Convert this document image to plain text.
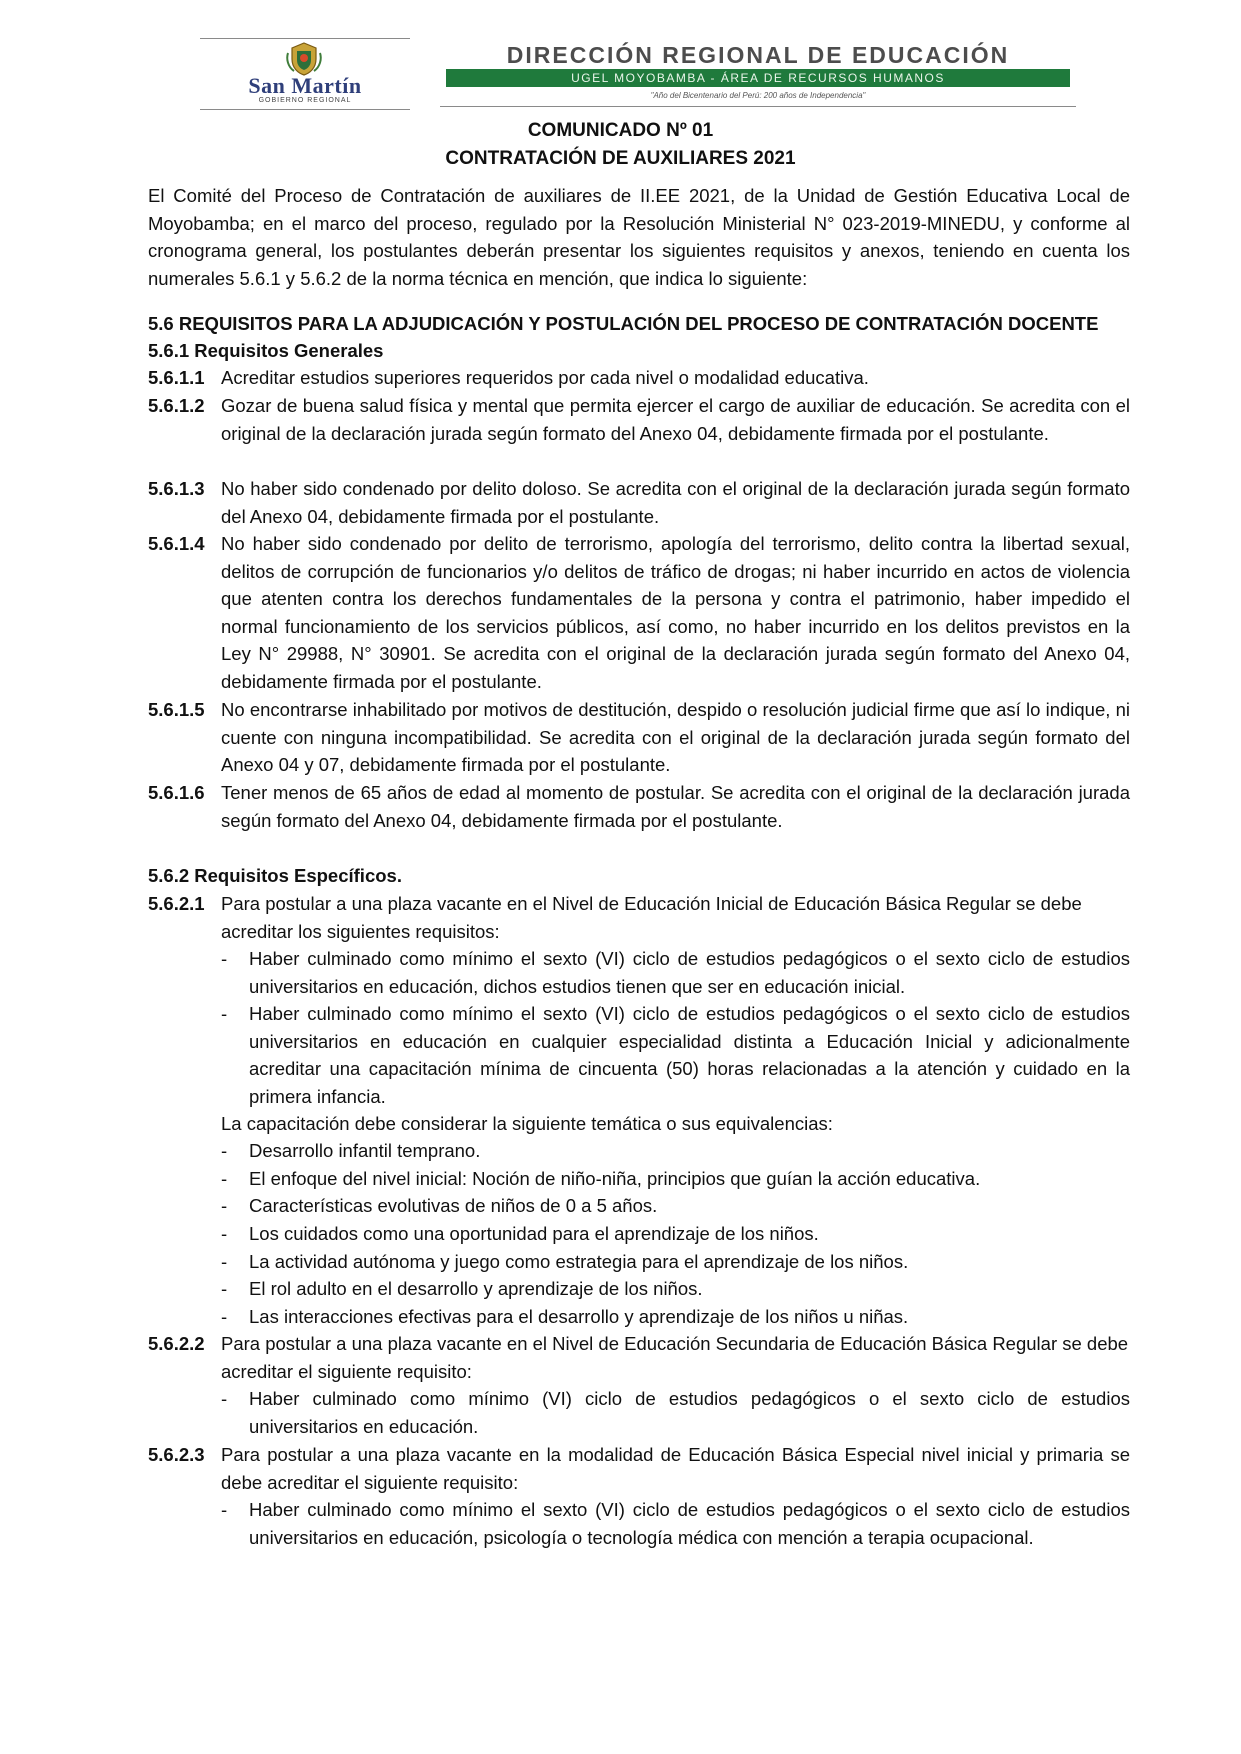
San Martín
GOBIERNO REGIONAL
DIRECCIÓN REGIONAL DE EDUCACIÓN
UGEL MOYOBAMBA - ÁREA DE RECURSOS HUMANOS
"Año del Bicentenario del Perú: 200 años de Independencia"
COMUNICADO Nº 01
CONTRATACIÓN DE AUXILIARES 2021
El Comité del Proceso de Contratación de auxiliares de II.EE 2021, de la Unidad de Gestión Educativa Local de Moyobamba; en el marco del proceso, regulado por la Resolución Ministerial N° 023-2019-MINEDU, y conforme al cronograma general, los postulantes deberán presentar los siguientes requisitos y anexos, teniendo en cuenta los numerales 5.6.1 y 5.6.2 de la norma técnica en mención, que indica lo siguiente:
5.6 REQUISITOS PARA LA ADJUDICACIÓN Y POSTULACIÓN DEL PROCESO DE CONTRATACIÓN DOCENTE
5.6.1 Requisitos Generales
5.6.1.1 Acreditar estudios superiores requeridos por cada nivel o modalidad educativa.
5.6.1.2 Gozar de buena salud física y mental que permita ejercer el cargo de auxiliar de educación. Se acredita con el original de la declaración jurada según formato del Anexo 04, debidamente firmada por el postulante.
5.6.1.3 No haber sido condenado por delito doloso. Se acredita con el original de la declaración jurada según formato del Anexo 04, debidamente firmada por el postulante.
5.6.1.4 No haber sido condenado por delito de terrorismo, apología del terrorismo, delito contra la libertad sexual, delitos de corrupción de funcionarios y/o delitos de tráfico de drogas; ni haber incurrido en actos de violencia que atenten contra los derechos fundamentales de la persona y contra el patrimonio, haber impedido el normal funcionamiento de los servicios públicos, así como, no haber incurrido en los delitos previstos en la Ley N° 29988, N° 30901. Se acredita con el original de la declaración jurada según formato del Anexo 04, debidamente firmada por el postulante.
5.6.1.5 No encontrarse inhabilitado por motivos de destitución, despido o resolución judicial firme que así lo indique, ni cuente con ninguna incompatibilidad. Se acredita con el original de la declaración jurada según formato del Anexo 04 y 07, debidamente firmada por el postulante.
5.6.1.6 Tener menos de 65 años de edad al momento de postular. Se acredita con el original de la declaración jurada según formato del Anexo 04, debidamente firmada por el postulante.
5.6.2 Requisitos Específicos.
5.6.2.1 Para postular a una plaza vacante en el Nivel de Educación Inicial de Educación Básica Regular se debe acreditar los siguientes requisitos:
- Haber culminado como mínimo el sexto (VI) ciclo de estudios pedagógicos o el sexto ciclo de estudios universitarios en educación, dichos estudios tienen que ser en educación inicial.
- Haber culminado como mínimo el sexto (VI) ciclo de estudios pedagógicos o el sexto ciclo de estudios universitarios en educación en cualquier especialidad distinta a Educación Inicial y adicionalmente acreditar una capacitación mínima de cincuenta (50) horas relacionadas a la atención y cuidado en la primera infancia.
La capacitación debe considerar la siguiente temática o sus equivalencias:
- Desarrollo infantil temprano.
- El enfoque del nivel inicial: Noción de niño-niña, principios que guían la acción educativa.
- Características evolutivas de niños de 0 a 5 años.
- Los cuidados como una oportunidad para el aprendizaje de los niños.
- La actividad autónoma y juego como estrategia para el aprendizaje de los niños.
- El rol adulto en el desarrollo y aprendizaje de los niños.
- Las interacciones efectivas para el desarrollo y aprendizaje de los niños u niñas.
5.6.2.2 Para postular a una plaza vacante en el Nivel de Educación Secundaria de Educación Básica Regular se debe acreditar el siguiente requisito:
- Haber culminado como mínimo (VI) ciclo de estudios pedagógicos o el sexto ciclo de estudios universitarios en educación.
5.6.2.3 Para postular a una plaza vacante en la modalidad de Educación Básica Especial nivel inicial y primaria se debe acreditar el siguiente requisito:
- Haber culminado como mínimo el sexto (VI) ciclo de estudios pedagógicos o el sexto ciclo de estudios universitarios en educación, psicología o tecnología médica con mención a terapia ocupacional.
